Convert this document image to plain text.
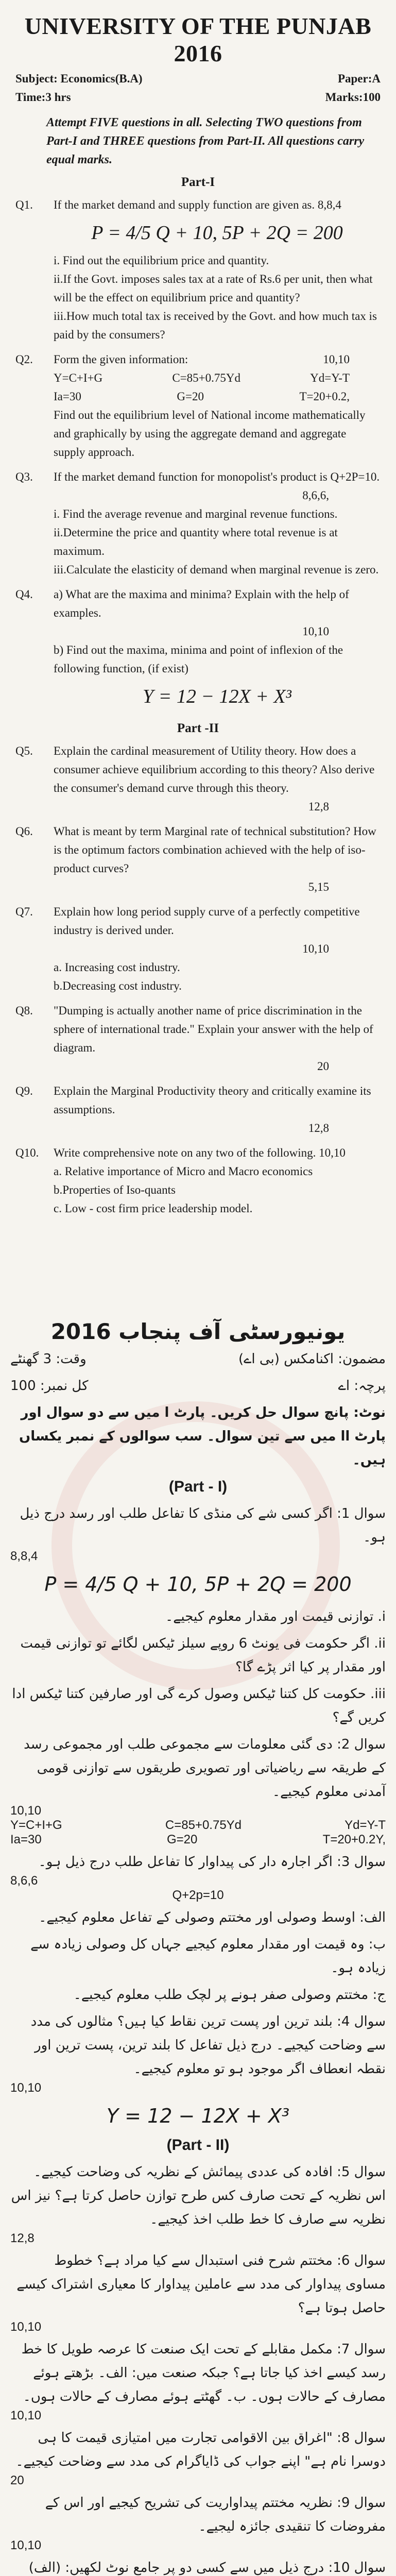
UNIVERSITY OF THE PUNJAB 2016
Subject: Economics(B.A)	Paper:A
Time:3 hrs	Marks:100
Attempt FIVE questions in all. Selecting TWO questions from Part-I and THREE questions from Part-II. All questions carry equal marks.
Part-I
Q1.	If the market demand and supply function are given as. 8,8,4
P = 4/5 Q + 10, 5P + 2Q = 200
i. Find out the equilibrium price and quantity.
ii.If the Govt. imposes sales tax at a rate of Rs.6 per unit, then what will be the effect on equilibrium price and quantity?
iii.How much total tax is received by the Govt. and how much tax is paid by the consumers?
Q2.	Form the given information:	10,10
Y=C+I+G	C=85+0.75Yd	Yd=Y-T
Ia=30	G=20	T=20+0.2,
Find out the equilibrium level of National income mathematically and graphically by using the aggregate demand and aggregate supply approach.
Q3.	If the market demand function for monopolist's product is Q+2P=10.
8,6,6,
i. Find the average revenue and marginal revenue functions.
ii.Determine the price and quantity where total revenue is at maximum.
iii.Calculate the elasticity of demand when marginal revenue is zero.
Q4.	a) What are the maxima and minima? Explain with the help of examples.
10,10
b) Find out the maxima, minima and point of inflexion of the following function, (if exist)
Y = 12 − 12X + X³
Part -II
Q5.	Explain the cardinal measurement of Utility theory. How does a consumer achieve equilibrium according to this theory? Also derive the consumer's demand curve through this theory.
12,8
Q6.	What is meant by term Marginal rate of technical substitution? How is the optimum factors combination achieved with the help of iso-product curves?
5,15
Q7.	Explain how long period supply curve of a perfectly competitive industry is derived under.
10,10
a. Increasing cost industry.
b.Decreasing cost industry.
Q8.	"Dumping is actually another name of price discrimination in the sphere of international trade." Explain your answer with the help of diagram.
20
Q9.	Explain the Marginal Productivity theory and critically examine its assumptions.
12,8
Q10.	Write comprehensive note on any two of the following. 10,10
a. Relative importance of Micro and Macro economics
b.Properties of Iso-quants
c. Low - cost firm price leadership model.
یونیورسٹی آف پنجاب 2016
مضمون: اکنامکس (بی اے)
وقت: 3 گھنٹے
پرچہ: اے
کل نمبر: 100
نوٹ: پانچ سوال حل کریں۔ پارٹ ا میں سے دو سوال اور پارٹ اا میں سے تین سوال۔ سب سوالوں کے نمبر یکساں ہیں۔
(Part - I)
سوال 1: اگر کسی شے کی منڈی کا تفاعل طلب اور رسد درج ذیل ہو۔
8,8,4
P = 4/5 Q + 10, 5P + 2Q = 200
i. توازنی قیمت اور مقدار معلوم کیجیے۔
ii. اگر حکومت فی یونٹ 6 روپے سیلز ٹیکس لگائے تو توازنی قیمت اور مقدار پر کیا اثر پڑے گا؟
iii. حکومت کل کتنا ٹیکس وصول کرے گی اور صارفین کتنا ٹیکس ادا کریں گے؟
سوال 2: دی گئی معلومات سے مجموعی طلب اور مجموعی رسد کے طریقہ سے ریاضیاتی اور تصویری طریقوں سے توازنی قومی آمدنی معلوم کیجیے۔
10,10
Y=C+I+G	C=85+0.75Yd	Yd=Y-T
Ia=30	G=20	T=20+0.2Y,
سوال 3: اگر اجارہ دار کی پیداوار کا تفاعل طلب درج ذیل ہو۔
8,6,6
Q+2p=10
الف: اوسط وصولی اور مختتم وصولی کے تفاعل معلوم کیجیے۔
ب: وہ قیمت اور مقدار معلوم کیجیے جہاں کل وصولی زیادہ سے زیادہ ہو۔
ج: مختتم وصولی صفر ہونے پر لچک طلب معلوم کیجیے۔
سوال 4: بلند ترین اور پست ترین نقاط کیا ہیں؟ مثالوں کی مدد سے وضاحت کیجیے۔ درج ذیل تفاعل کا بلند ترین، پست ترین اور نقطہ انعطاف اگر موجود ہو تو معلوم کیجیے۔
10,10
Y = 12 − 12X + X³
(Part - II)
سوال 5: افادہ کی عددی پیمائش کے نظریہ کی وضاحت کیجیے۔ اس نظریہ کے تحت صارف کس طرح توازن حاصل کرتا ہے؟ نیز اس نظریہ سے صارف کا خط طلب اخذ کیجیے۔
12,8
سوال 6: مختتم شرح فنی استبدال سے کیا مراد ہے؟ خطوط مساوی پیداوار کی مدد سے عاملین پیداوار کا معیاری اشتراک کیسے حاصل ہوتا ہے؟
10,10
سوال 7: مکمل مقابلے کے تحت ایک صنعت کا عرصہ طویل کا خط رسد کیسے اخذ کیا جاتا ہے؟ جبکہ صنعت میں: الف۔ بڑھتے ہوئے مصارف کے حالات ہوں۔ ب۔ گھٹتے ہوئے مصارف کے حالات ہوں۔
10,10
سوال 8: "اغراق بین الاقوامی تجارت میں امتیازی قیمت کا ہی دوسرا نام ہے" اپنے جواب کی ڈایاگرام کی مدد سے وضاحت کیجیے۔
20
سوال 9: نظریہ مختتم پیداواریت کی تشریح کیجیے اور اس کے مفروضات کا تنقیدی جائزہ لیجیے۔
10,10
سوال 10: درج ذیل میں سے کسی دو پر جامع نوٹ لکھیں: (الف)
